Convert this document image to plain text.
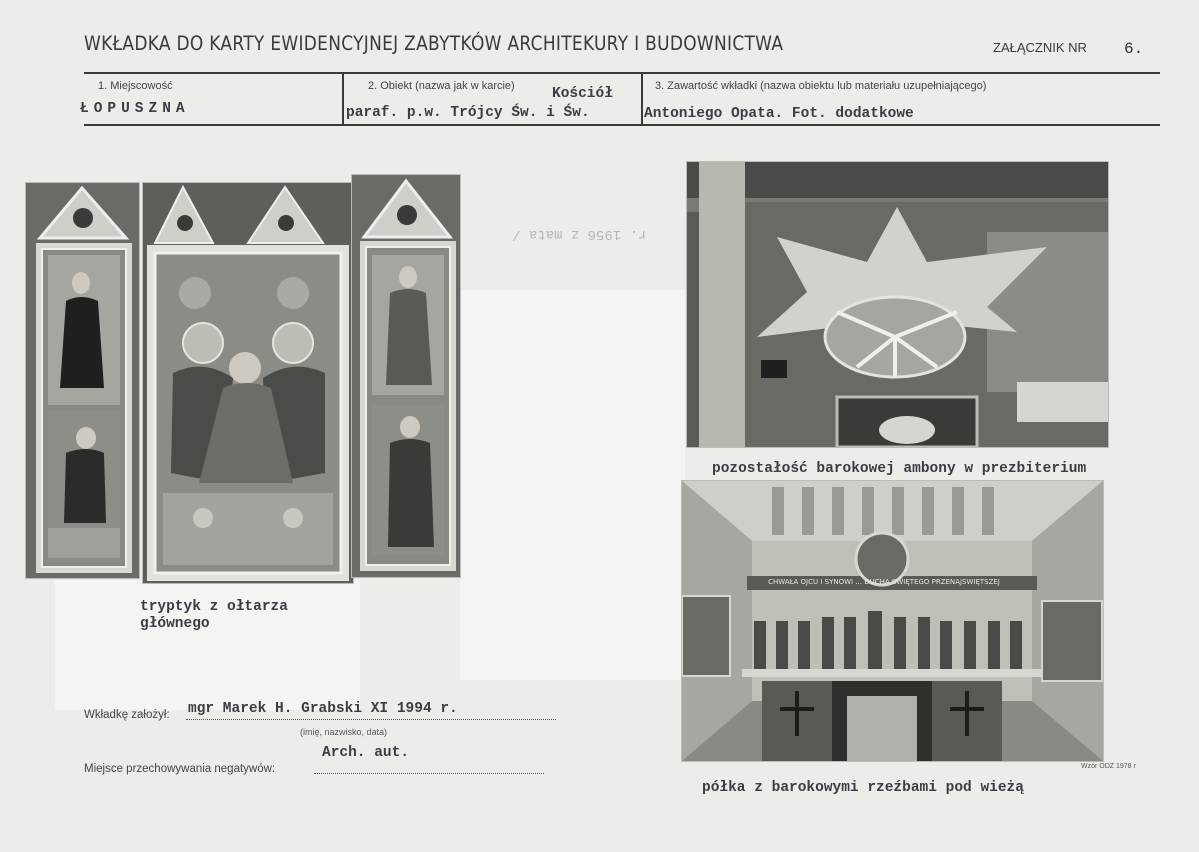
WKŁADKA DO KARTY EWIDENCYJNEJ ZABYTKÓW ARCHITEKURY I BUDOWNICTWA	ZAŁĄCZNIK NR 6.
1. Miejscowość
ŁOPUSZNA
2. Obiekt (nazwa jak w karcie)	Kościół
paraf. p.w. Trójcy Św. i Św.
3. Zawartość wkładki (nazwa obiektu lub materiału uzupełniającego)
Antoniego Opata. Fot. dodatkowe
r. 1956 z mata /
tryptyk z ołtarza
głównego
pozostałość barokowej ambony w prezbiterium
CHWAŁA OJCU I SYNOWI ... DUCHA ŚWIĘTEGO PRZENAJŚWIĘTSZEJ
półka z barokowymi rzeźbami pod wieżą
Wkładkę założył: mgr Marek H. Grabski XI 1994 r.
(imię, nazwisko, data)
Miejsce przechowywania negatywów:
Arch. aut.
Wzór ODZ 1978 r
